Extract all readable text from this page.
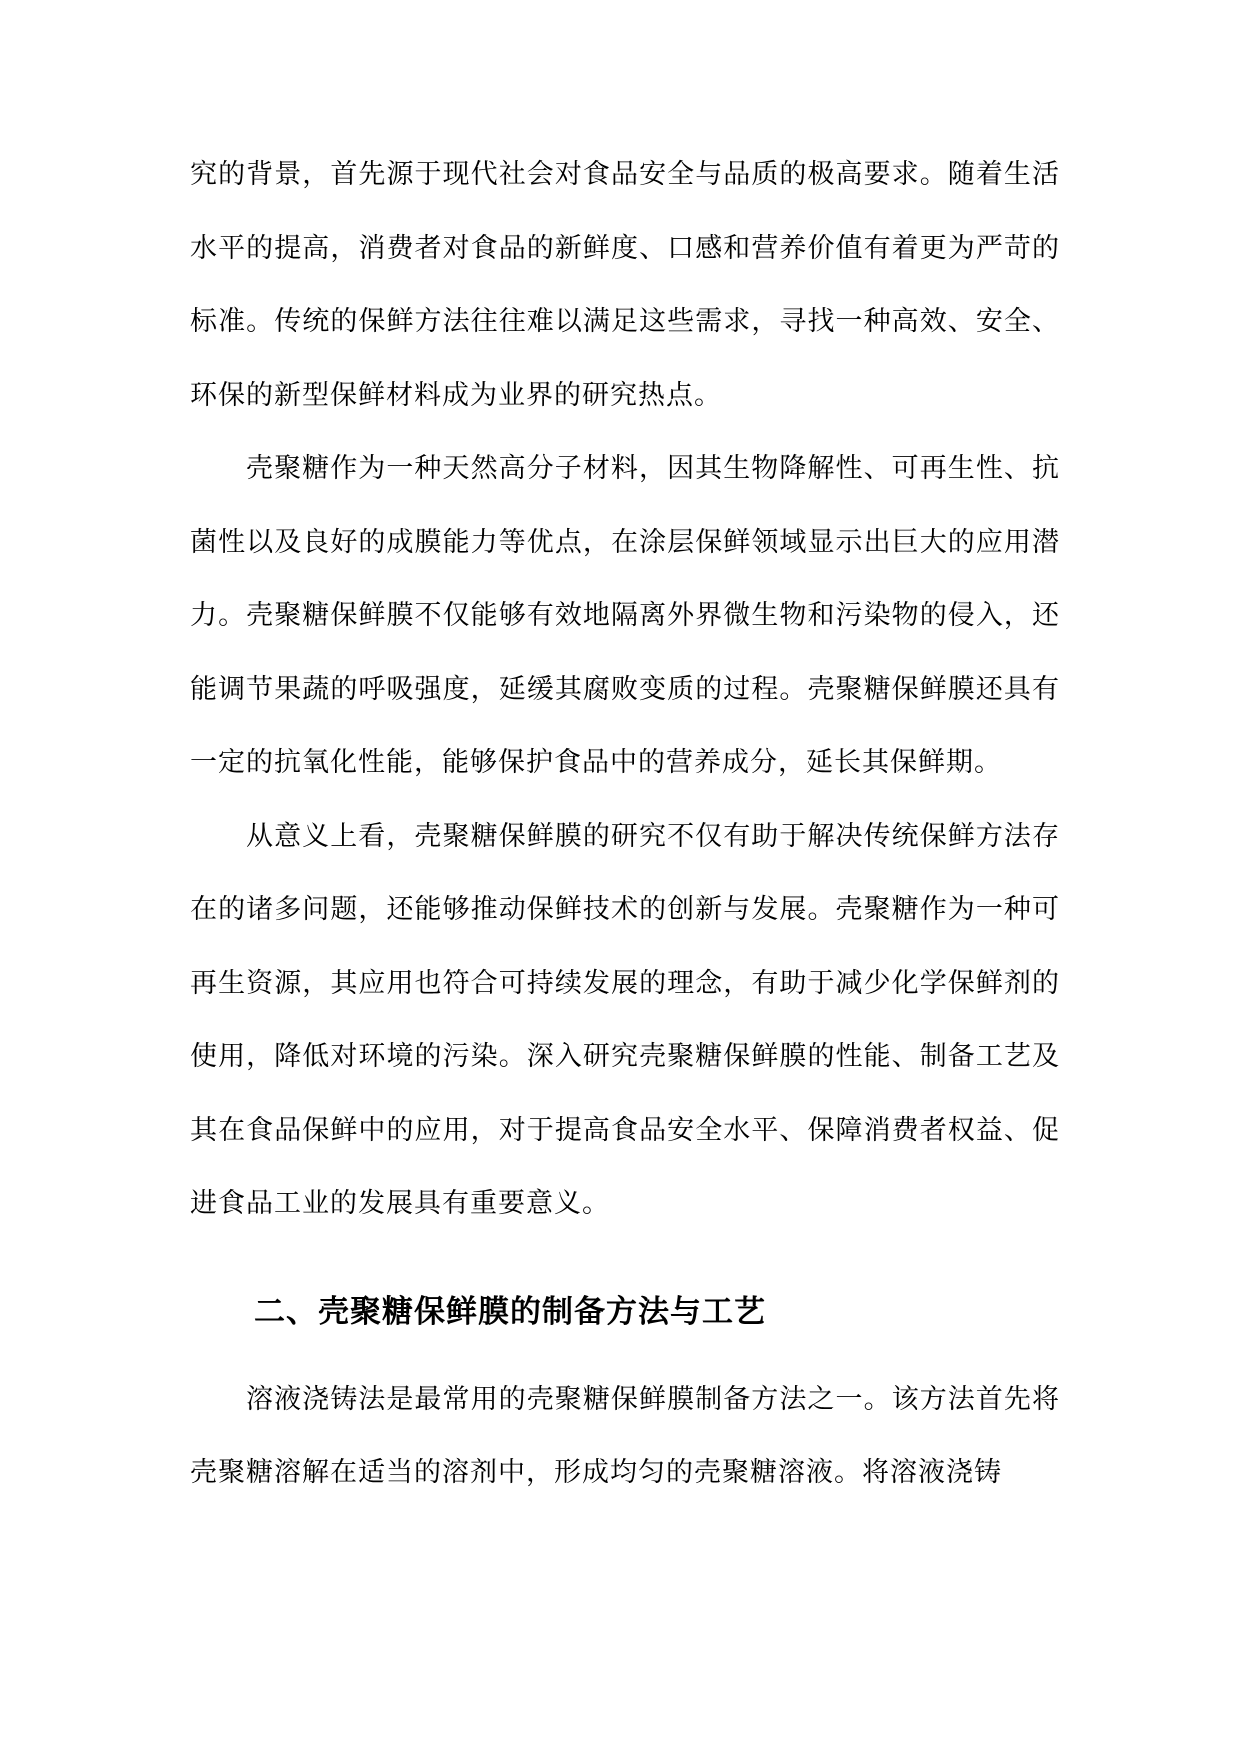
究的背景，首先源于现代社会对食品安全与品质的极高要求。随着生活水平的提高，消费者对食品的新鲜度、口感和营养价值有着更为严苛的标准。传统的保鲜方法往往难以满足这些需求，寻找一种高效、安全、环保的新型保鲜材料成为业界的研究热点。

壳聚糖作为一种天然高分子材料，因其生物降解性、可再生性、抗菌性以及良好的成膜能力等优点，在涂层保鲜领域显示出巨大的应用潜力。壳聚糖保鲜膜不仅能够有效地隔离外界微生物和污染物的侵入，还能调节果蔬的呼吸强度，延缓其腐败变质的过程。壳聚糖保鲜膜还具有一定的抗氧化性能，能够保护食品中的营养成分，延长其保鲜期。

从意义上看，壳聚糖保鲜膜的研究不仅有助于解决传统保鲜方法存在的诸多问题，还能够推动保鲜技术的创新与发展。壳聚糖作为一种可再生资源，其应用也符合可持续发展的理念，有助于减少化学保鲜剂的使用，降低对环境的污染。深入研究壳聚糖保鲜膜的性能、制备工艺及其在食品保鲜中的应用，对于提高食品安全水平、保障消费者权益、促进食品工业的发展具有重要意义。

二、壳聚糖保鲜膜的制备方法与工艺

溶液浇铸法是最常用的壳聚糖保鲜膜制备方法之一。该方法首先将壳聚糖溶解在适当的溶剂中，形成均匀的壳聚糖溶液。将溶液浇铸
